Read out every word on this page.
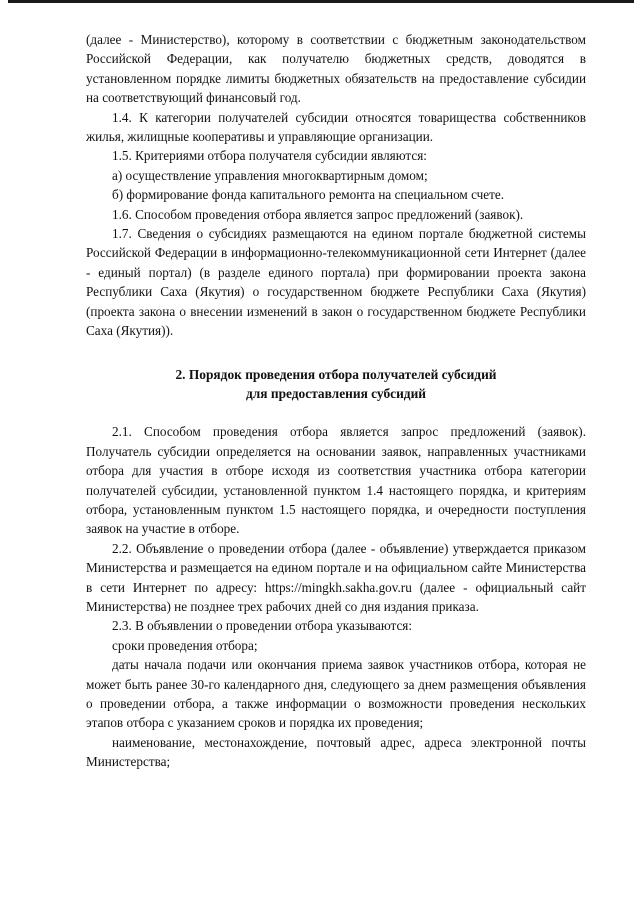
(далее - Министерство), которому в соответствии с бюджетным законодательством Российской Федерации, как получателю бюджетных средств, доводятся в установленном порядке лимиты бюджетных обязательств на предоставление субсидии на соответствующий финансовый год.

1.4. К категории получателей субсидии относятся товарищества собственников жилья, жилищные кооперативы и управляющие организации.

1.5. Критериями отбора получателя субсидии являются:

а) осуществление управления многоквартирным домом;

б) формирование фонда капитального ремонта на специальном счете.

1.6. Способом проведения отбора является запрос предложений (заявок).

1.7. Сведения о субсидиях размещаются на едином портале бюджетной системы Российской Федерации в информационно-телекоммуникационной сети Интернет (далее - единый портал) (в разделе единого портала) при формировании проекта закона Республики Саха (Якутия) о государственном бюджете Республики Саха (Якутия) (проекта закона о внесении изменений в закон о государственном бюджете Республики Саха (Якутия)).

2. Порядок проведения отбора получателей субсидий
для предоставления субсидий

2.1. Способом проведения отбора является запрос предложений (заявок). Получатель субсидии определяется на основании заявок, направленных участниками отбора для участия в отборе исходя из соответствия участника отбора категории получателей субсидии, установленной пунктом 1.4 настоящего порядка, и критериям отбора, установленным пунктом 1.5 настоящего порядка, и очередности поступления заявок на участие в отборе.

2.2. Объявление о проведении отбора (далее - объявление) утверждается приказом Министерства и размещается на едином портале и на официальном сайте Министерства в сети Интернет по адресу: https://mingkh.sakha.gov.ru (далее - официальный сайт Министерства) не позднее трех рабочих дней со дня издания приказа.

2.3. В объявлении о проведении отбора указываются:

сроки проведения отбора;

даты начала подачи или окончания приема заявок участников отбора, которая не может быть ранее 30-го календарного дня, следующего за днем размещения объявления о проведении отбора, а также информации о возможности проведения нескольких этапов отбора с указанием сроков и порядка их проведения;

наименование, местонахождение, почтовый адрес, адреса электронной почты Министерства;
